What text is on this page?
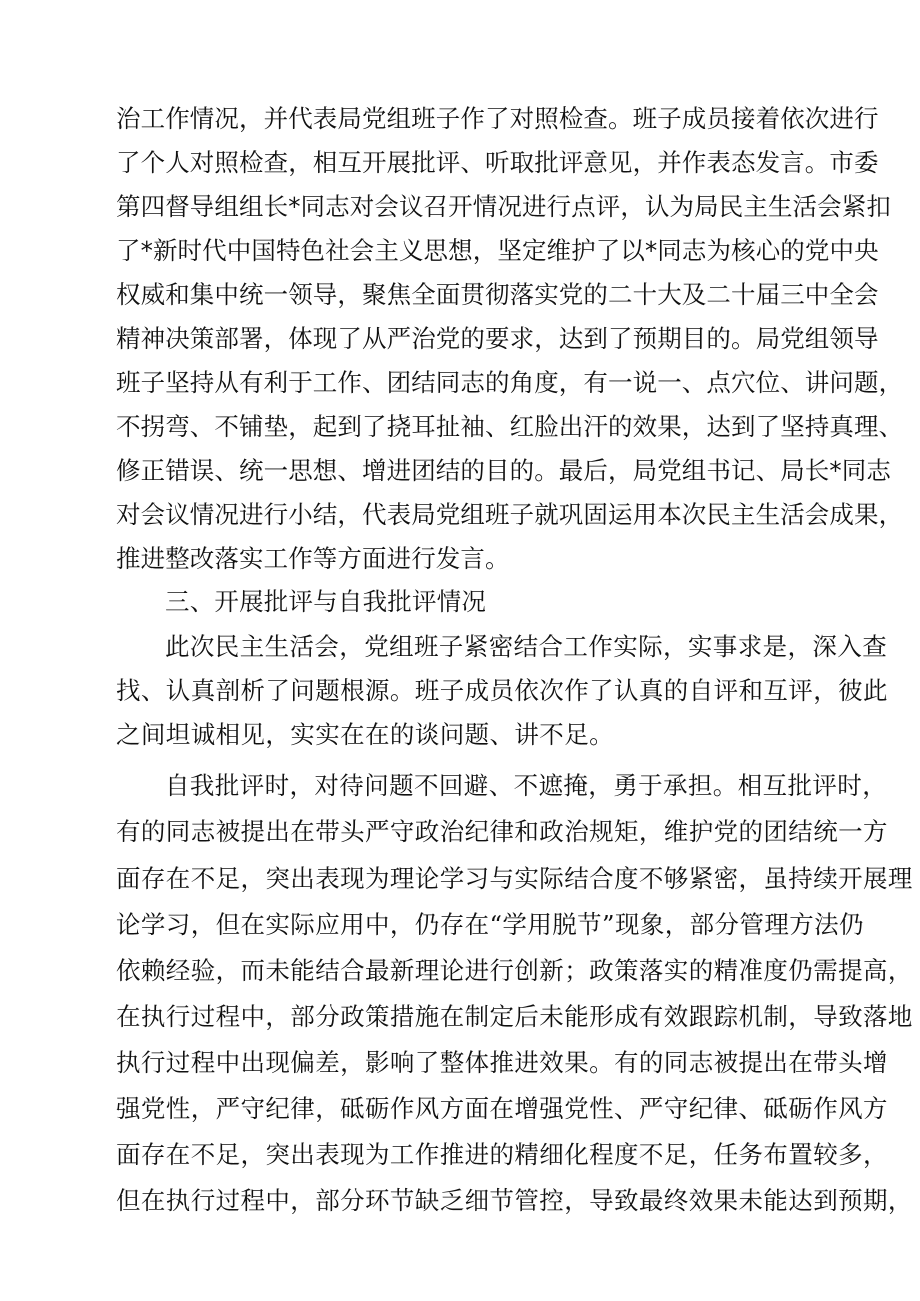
治工作情况，并代表局党组班子作了对照检查。班子成员接着依次进行
了个人对照检查，相互开展批评、听取批评意见，并作表态发言。市委
第四督导组组长*同志对会议召开情况进行点评，认为局民主生活会紧扣
了*新时代中国特色社会主义思想，坚定维护了以*同志为核心的党中央
权威和集中统一领导，聚焦全面贯彻落实党的二十大及二十届三中全会
精神决策部署，体现了从严治党的要求，达到了预期目的。局党组领导
班子坚持从有利于工作、团结同志的角度，有一说一、点穴位、讲问题，
不拐弯、不铺垫，起到了挠耳扯袖、红脸出汗的效果，达到了坚持真理、
修正错误、统一思想、增进团结的目的。最后，局党组书记、局长*同志
对会议情况进行小结，代表局党组班子就巩固运用本次民主生活会成果，
推进整改落实工作等方面进行发言。
三、开展批评与自我批评情况
此次民主生活会，党组班子紧密结合工作实际，实事求是，深入查
找、认真剖析了问题根源。班子成员依次作了认真的自评和互评，彼此
之间坦诚相见，实实在在的谈问题、讲不足。
自我批评时，对待问题不回避、不遮掩，勇于承担。相互批评时，
有的同志被提出在带头严守政治纪律和政治规矩，维护党的团结统一方
面存在不足，突出表现为理论学习与实际结合度不够紧密，虽持续开展理
论学习，但在实际应用中，仍存在“学用脱节”现象，部分管理方法仍
依赖经验，而未能结合最新理论进行创新；政策落实的精准度仍需提高，
在执行过程中，部分政策措施在制定后未能形成有效跟踪机制，导致落地
执行过程中出现偏差，影响了整体推进效果。有的同志被提出在带头增
强党性，严守纪律，砥砺作风方面在增强党性、严守纪律、砥砺作风方
面存在不足，突出表现为工作推进的精细化程度不足，任务布置较多，
但在执行过程中，部分环节缺乏细节管控，导致最终效果未能达到预期，
